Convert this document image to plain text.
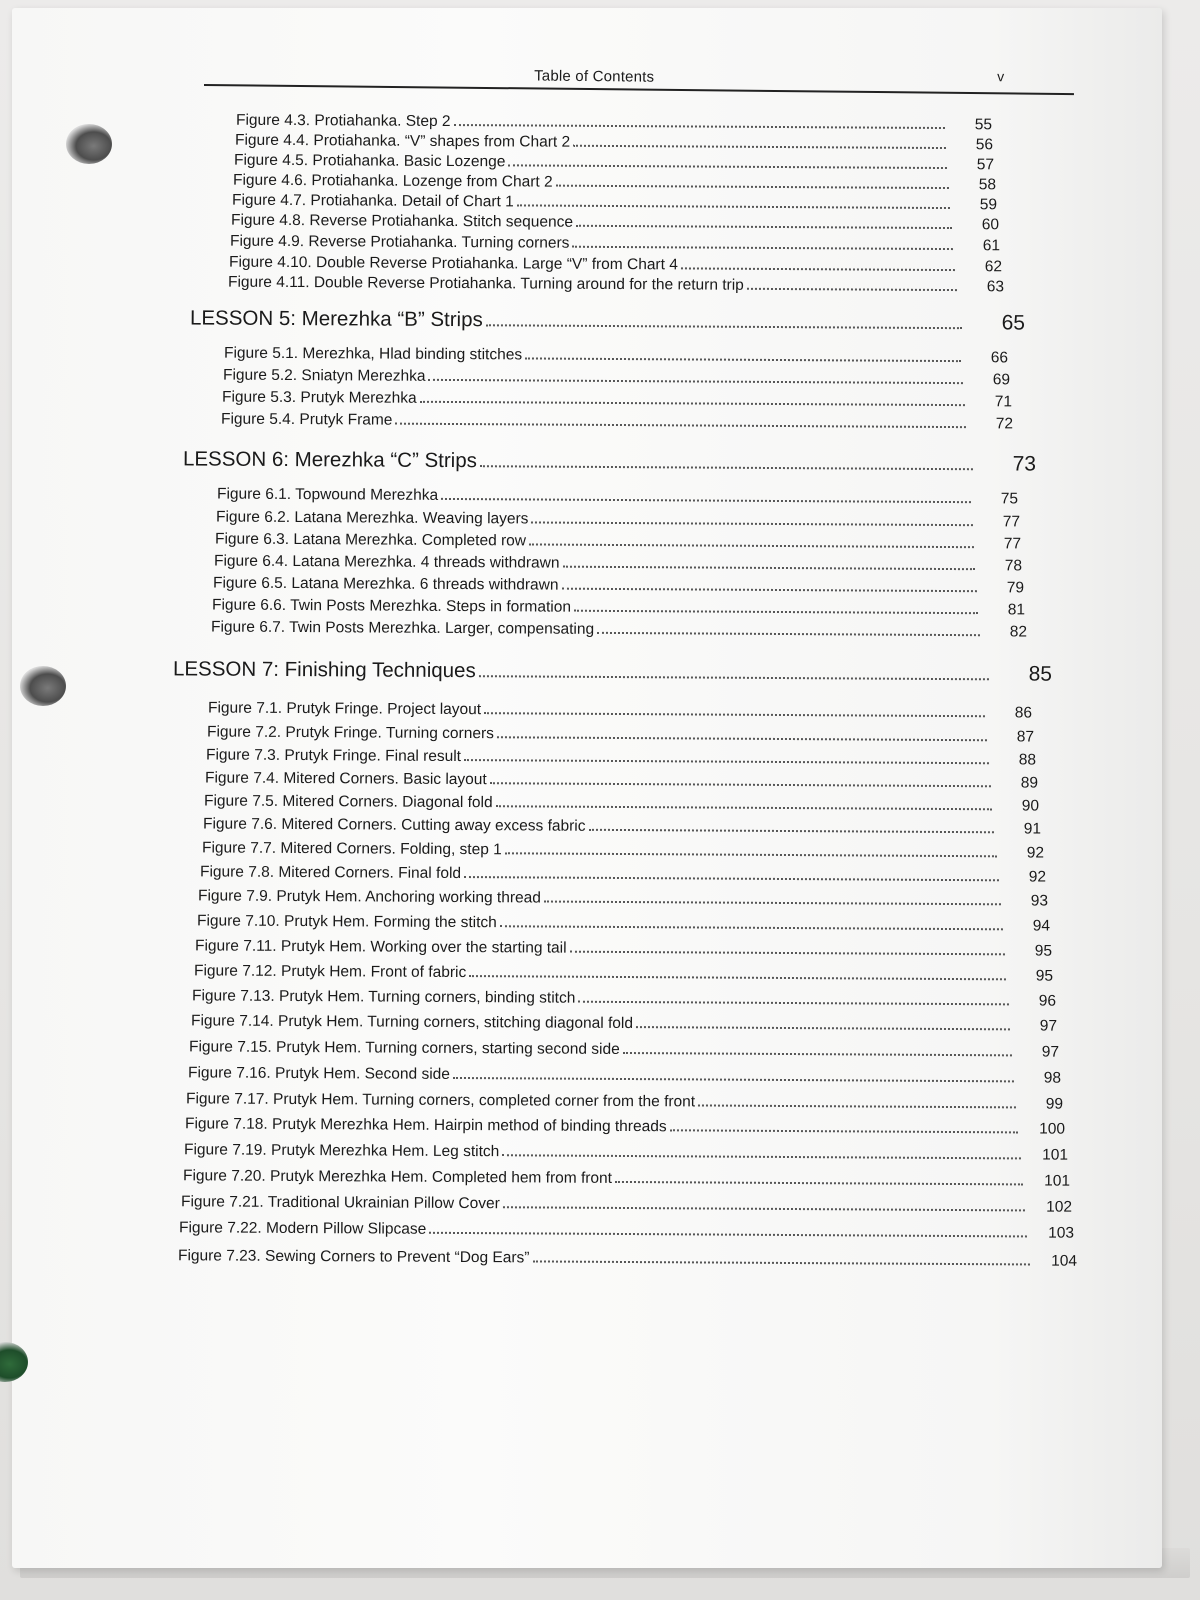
Table of Contents	v
Figure 4.3. Protiahanka. Step 2	55
Figure 4.4. Protiahanka. “V” shapes from Chart 2	56
Figure 4.5. Protiahanka. Basic Lozenge	57
Figure 4.6. Protiahanka. Lozenge from Chart 2	58
Figure 4.7. Protiahanka. Detail of Chart 1	59
Figure 4.8. Reverse Protiahanka. Stitch sequence	60
Figure 4.9. Reverse Protiahanka. Turning corners	61
Figure 4.10. Double Reverse Protiahanka. Large “V” from Chart 4	62
Figure 4.11. Double Reverse Protiahanka. Turning around for the return trip	63
LESSON 5: Merezhka “B” Strips	65
Figure 5.1. Merezhka, Hlad binding stitches	66
Figure 5.2. Sniatyn Merezhka	69
Figure 5.3. Prutyk Merezhka	71
Figure 5.4. Prutyk Frame	72
LESSON 6: Merezhka “C” Strips	73
Figure 6.1. Topwound Merezhka	75
Figure 6.2. Latana Merezhka. Weaving layers	77
Figure 6.3. Latana Merezhka. Completed row	77
Figure 6.4. Latana Merezhka. 4 threads withdrawn	78
Figure 6.5. Latana Merezhka. 6 threads withdrawn	79
Figure 6.6. Twin Posts Merezhka. Steps in formation	81
Figure 6.7. Twin Posts Merezhka. Larger, compensating	82
LESSON 7: Finishing Techniques	85
Figure 7.1. Prutyk Fringe. Project layout	86
Figure 7.2. Prutyk Fringe. Turning corners	87
Figure 7.3. Prutyk Fringe. Final result	88
Figure 7.4. Mitered Corners. Basic layout	89
Figure 7.5. Mitered Corners. Diagonal fold	90
Figure 7.6. Mitered Corners. Cutting away excess fabric	91
Figure 7.7. Mitered Corners. Folding, step 1	92
Figure 7.8. Mitered Corners. Final fold	92
Figure 7.9. Prutyk Hem. Anchoring working thread	93
Figure 7.10. Prutyk Hem. Forming the stitch	94
Figure 7.11. Prutyk Hem. Working over the starting tail	95
Figure 7.12. Prutyk Hem. Front of fabric	95
Figure 7.13. Prutyk Hem. Turning corners, binding stitch	96
Figure 7.14. Prutyk Hem. Turning corners, stitching diagonal fold	97
Figure 7.15. Prutyk Hem. Turning corners, starting second side	97
Figure 7.16. Prutyk Hem. Second side	98
Figure 7.17. Prutyk Hem. Turning corners, completed corner from the front	99
Figure 7.18. Prutyk Merezhka Hem. Hairpin method of binding threads	100
Figure 7.19. Prutyk Merezhka Hem. Leg stitch	101
Figure 7.20. Prutyk Merezhka Hem. Completed hem from front	101
Figure 7.21. Traditional Ukrainian Pillow Cover	102
Figure 7.22. Modern Pillow Slipcase	103
Figure 7.23. Sewing Corners to Prevent “Dog Ears”	104
